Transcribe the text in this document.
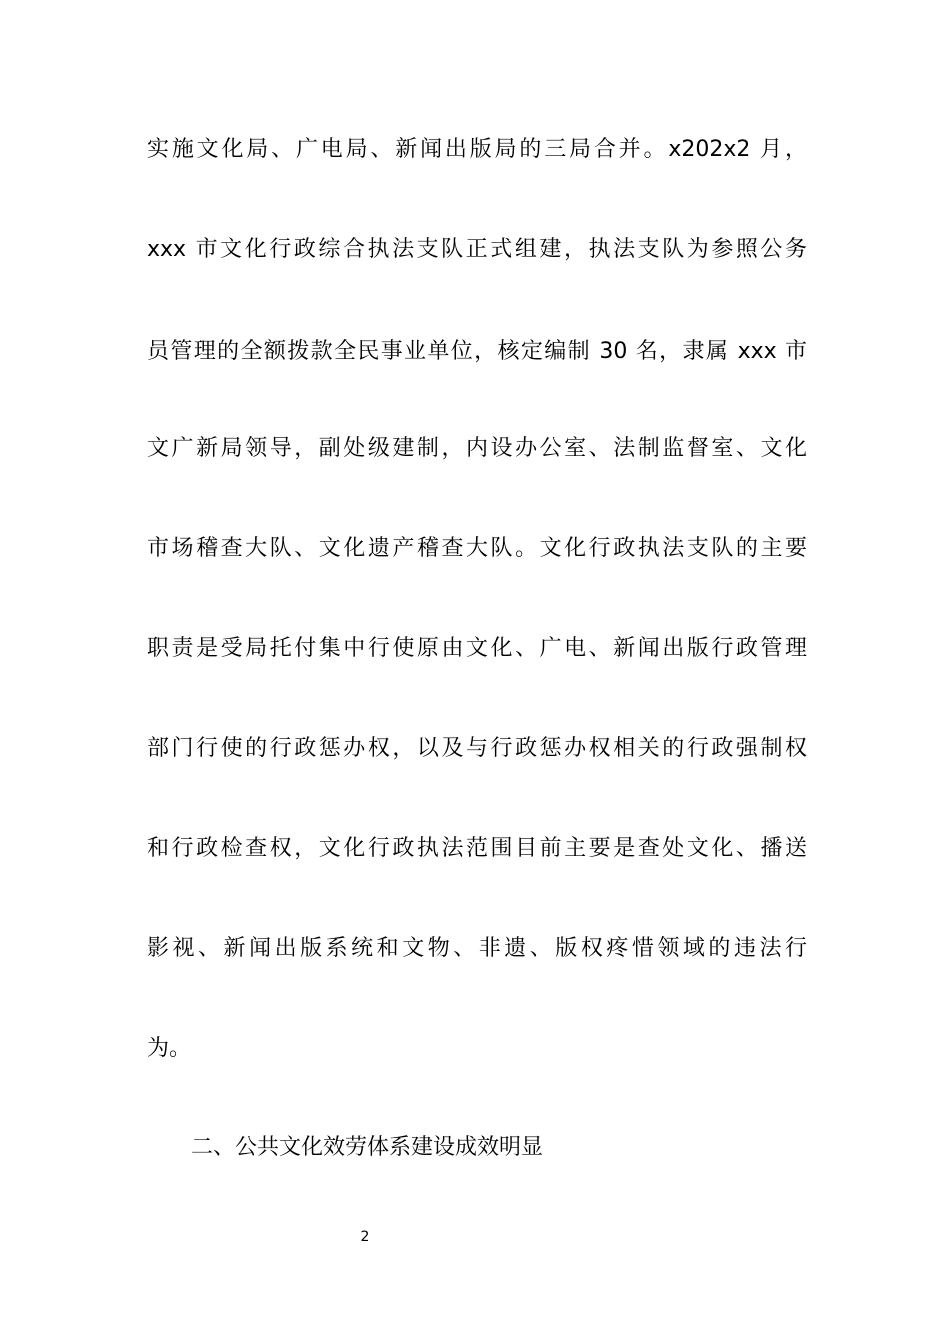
实施文化局、广电局、新闻出版局的三局合并。x202x2 月，
xxx 市文化行政综合执法支队正式组建，执法支队为参照公务
员管理的全额拨款全民事业单位，核定编制 30 名，隶属 xxx 市
文广新局领导，副处级建制，内设办公室、法制监督室、文化
市场稽查大队、文化遗产稽查大队。文化行政执法支队的主要
职责是受局托付集中行使原由文化、广电、新闻出版行政管理
部门行使的行政惩办权，以及与行政惩办权相关的行政强制权
和行政检查权，文化行政执法范围目前主要是查处文化、播送
影视、新闻出版系统和文物、非遗、版权疼惜领域的违法行
为。
二、公共文化效劳体系建设成效明显
2
